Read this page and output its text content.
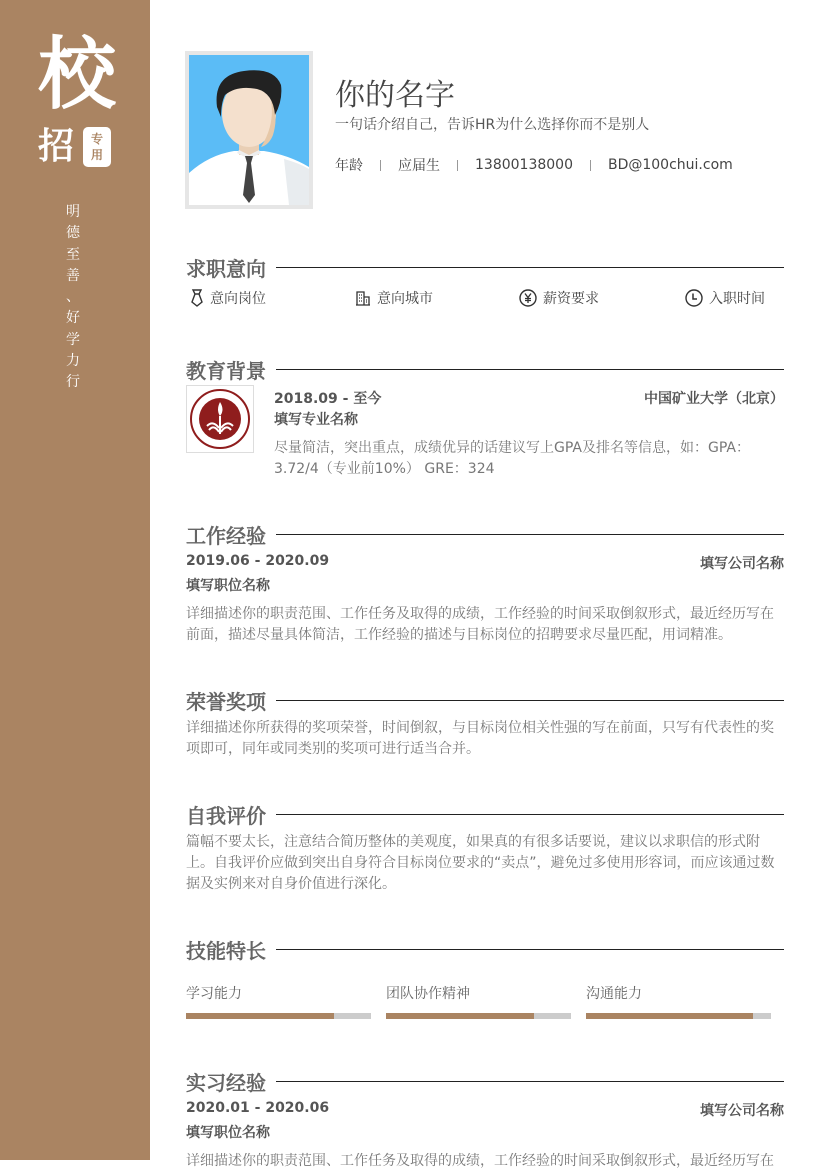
校
招	专
用
明
德
至
善
、
好
学
力
行
你的名字
一句话介绍自己，告诉HR为什么选择你而不是别人
年龄	应届生	13800138000	BD@100chui.com
求职意向
意向岗位	意向城市	薪资要求	入职时间
教育背景
2018.09 - 至今	中国矿业大学（北京）
填写专业名称
尽量简洁，突出重点，成绩优异的话建议写上GPA及排名等信息，如：GPA：3.72/4（专业前10%） GRE：324
工作经验
2019.06 - 2020.09	填写公司名称
填写职位名称
详细描述你的职责范围、工作任务及取得的成绩，工作经验的时间采取倒叙形式，最近经历写在前面，描述尽量具体简洁，工作经验的描述与目标岗位的招聘要求尽量匹配，用词精准。
荣誉奖项
详细描述你所获得的奖项荣誉，时间倒叙，与目标岗位相关性强的写在前面，只写有代表性的奖项即可，同年或同类别的奖项可进行适当合并。
自我评价
篇幅不要太长，注意结合简历整体的美观度，如果真的有很多话要说，建议以求职信的形式附上。自我评价应做到突出自身符合目标岗位要求的“卖点”，避免过多使用形容词，而应该通过数据及实例来对自身价值进行深化。
技能特长
学习能力	团队协作精神	沟通能力
实习经验
2020.01 - 2020.06	填写公司名称
填写职位名称
详细描述你的职责范围、工作任务及取得的成绩，工作经验的时间采取倒叙形式，最近经历写在
